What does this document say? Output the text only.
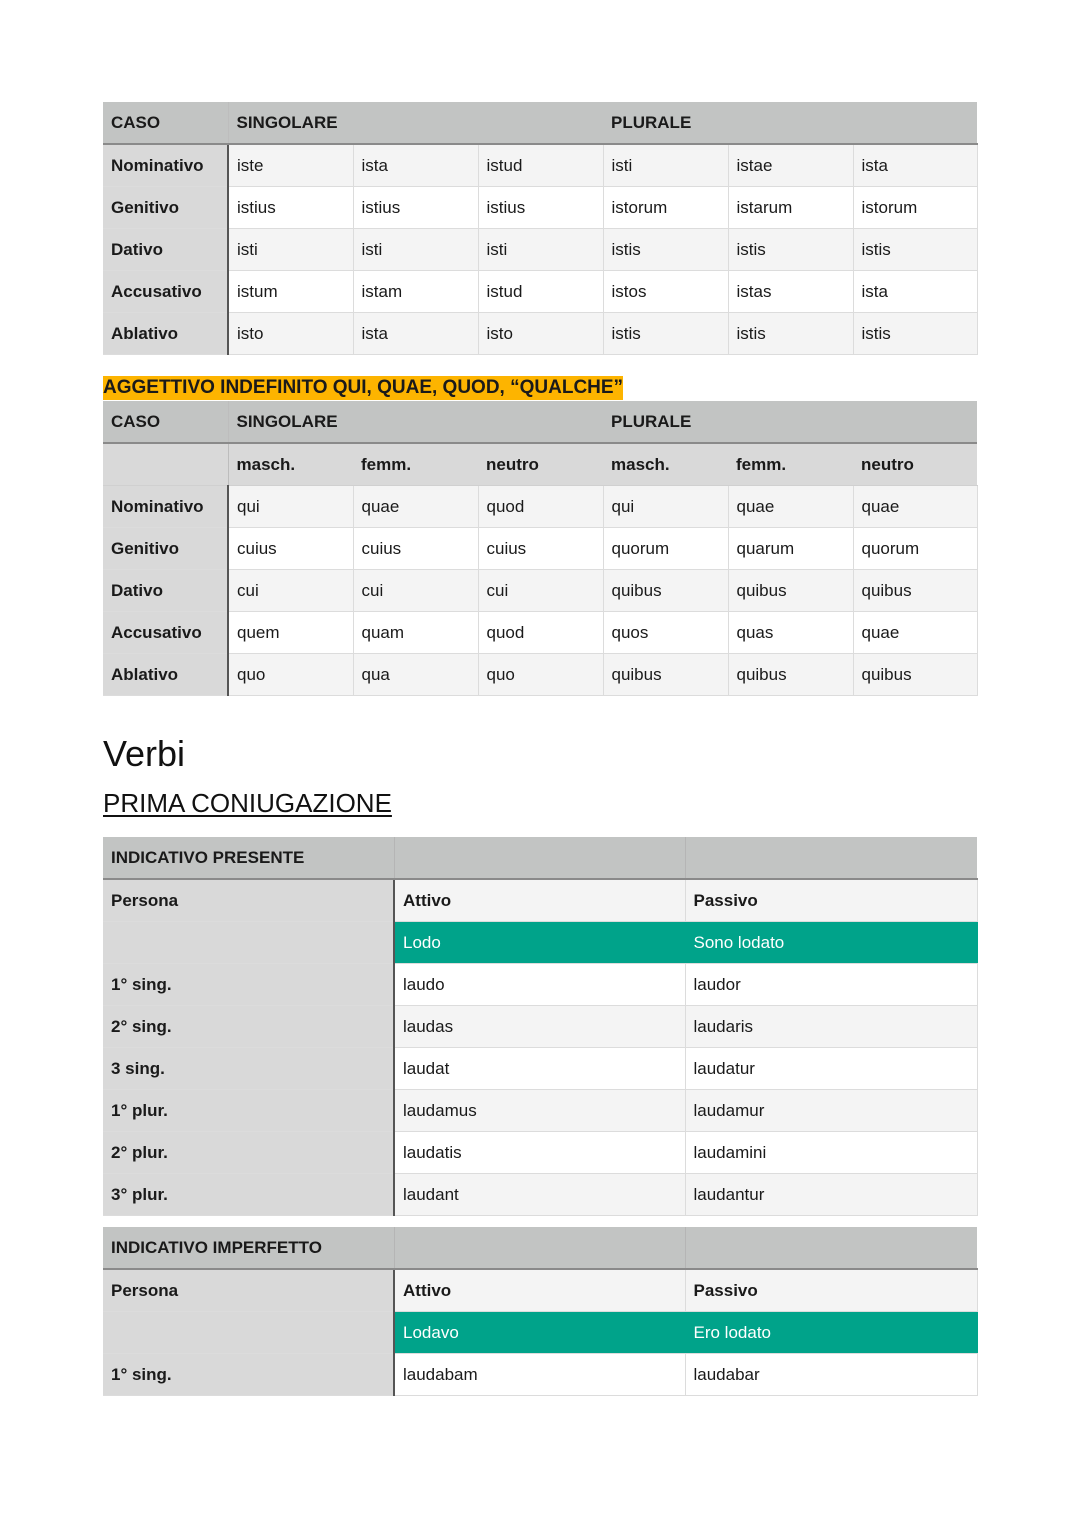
CASO	SINGOLARE			PLURALE		
Nominativo	iste	ista	istud	isti	istae	ista
Genitivo	istius	istius	istius	istorum	istarum	istorum
Dativo	isti	isti	isti	istis	istis	istis
Accusativo	istum	istam	istud	istos	istas	ista
Ablativo	isto	ista	isto	istis	istis	istis
AGGETTIVO INDEFINITO QUI, QUAE, QUOD, “QUALCHE”
CASO	SINGOLARE			PLURALE		
	masch.	femm.	neutro	masch.	femm.	neutro
Nominativo	qui	quae	quod	qui	quae	quae
Genitivo	cuius	cuius	cuius	quorum	quarum	quorum
Dativo	cui	cui	cui	quibus	quibus	quibus
Accusativo	quem	quam	quod	quos	quas	quae
Ablativo	quo	qua	quo	quibus	quibus	quibus
Verbi
PRIMA CONIUGAZIONE
INDICATIVO PRESENTE		
Persona	Attivo	Passivo
	Lodo	Sono lodato
1° sing.	laudo	laudor
2° sing.	laudas	laudaris
3 sing.	laudat	laudatur
1° plur.	laudamus	laudamur
2° plur.	laudatis	laudamini
3° plur.	laudant	laudantur
INDICATIVO IMPERFETTO		
Persona	Attivo	Passivo
	Lodavo	Ero lodato
1° sing.	laudabam	laudabar
